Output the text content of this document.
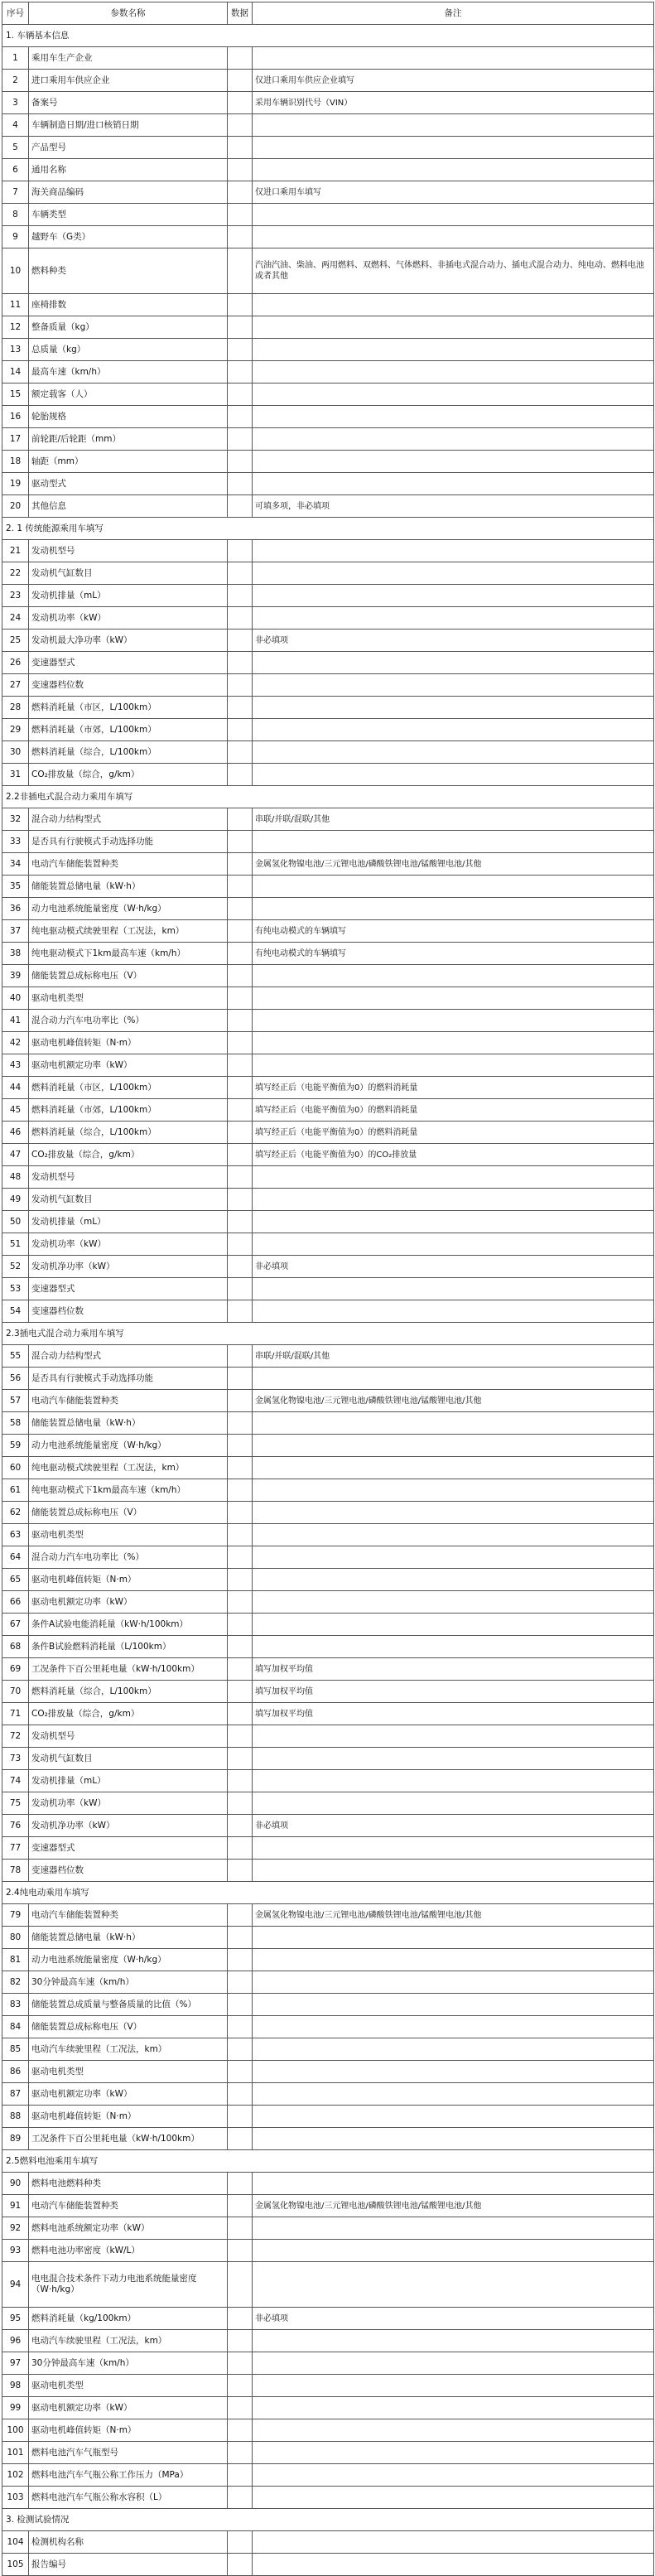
序号	参数名称	数据	备注
1. 车辆基本信息			
1	乘用车生产企业		
2	进口乘用车供应企业		仅进口乘用车供应企业填写
3	备案号		采用车辆识别代号（VIN）
4	车辆制造日期/进口核销日期		
5	产品型号		
6	通用名称		
7	海关商品编码		仅进口乘用车填写
8	车辆类型		
9	越野车（G类）		
10	燃料种类		汽油汽油、柴油、两用燃料、双燃料、气体燃料、非插电式混合动力、插电式混合动力、纯电动、燃料电池或者其他
11	座椅排数		
12	整备质量（kg）		
13	总质量（kg）		
14	最高车速（km/h）		
15	额定载客（人）		
16	轮胎规格		
17	前轮距/后轮距（mm）		
18	轴距（mm）		
19	驱动型式		
20	其他信息		可填多项，非必填项
2. 1 传统能源乘用车填写			
21	发动机型号		
22	发动机气缸数目		
23	发动机排量（mL）		
24	发动机功率（kW）		
25	发动机最大净功率（kW）		非必填项
26	变速器型式		
27	变速器档位数		
28	燃料消耗量（市区，L/100km）		
29	燃料消耗量（市郊，L/100km）		
30	燃料消耗量（综合，L/100km）		
31	CO₂排放量（综合，g/km）		
2.2非插电式混合动力乘用车填写			
32	混合动力结构型式		串联/并联/混联/其他
33	是否具有行驶模式手动选择功能		
34	电动汽车储能装置种类		金属氢化物镍电池/三元锂电池/磷酸铁锂电池/锰酸锂电池/其他
35	储能装置总储电量（kW·h）		
36	动力电池系统能量密度（W·h/kg）		
37	纯电驱动模式续驶里程（工况法，km）		有纯电动模式的车辆填写
38	纯电驱动模式下1km最高车速（km/h）		有纯电动模式的车辆填写
39	储能装置总成标称电压（V）		
40	驱动电机类型		
41	混合动力汽车电功率比（%）		
42	驱动电机峰值转矩（N·m）		
43	驱动电机额定功率（kW）		
44	燃料消耗量（市区，L/100km）		填写经正后（电能平衡值为0）的燃料消耗量
45	燃料消耗量（市郊，L/100km）		填写经正后（电能平衡值为0）的燃料消耗量
46	燃料消耗量（综合，L/100km）		填写经正后（电能平衡值为0）的燃料消耗量
47	CO₂排放量（综合，g/km）		填写经正后（电能平衡值为0）的CO₂排放量
48	发动机型号		
49	发动机气缸数目		
50	发动机排量（mL）		
51	发动机功率（kW）		
52	发动机净功率（kW）		非必填项
53	变速器型式		
54	变速器档位数		
2.3插电式混合动力乘用车填写			
55	混合动力结构型式		串联/并联/混联/其他
56	是否具有行驶模式手动选择功能		
57	电动汽车储能装置种类		金属氢化物镍电池/三元锂电池/磷酸铁锂电池/锰酸锂电池/其他
58	储能装置总储电量（kW·h）		
59	动力电池系统能量密度（W·h/kg）		
60	纯电驱动模式续驶里程（工况法，km）		
61	纯电驱动模式下1km最高车速（km/h）		
62	储能装置总成标称电压（V）		
63	驱动电机类型		
64	混合动力汽车电功率比（%）		
65	驱动电机峰值转矩（N·m）		
66	驱动电机额定功率（kW）		
67	条件A试验电能消耗量（kW·h/100km）		
68	条件B试验燃料消耗量（L/100km）		
69	工况条件下百公里耗电量（kW·h/100km）		填写加权平均值
70	燃料消耗量（综合，L/100km）		填写加权平均值
71	CO₂排放量（综合，g/km）		填写加权平均值
72	发动机型号		
73	发动机气缸数目		
74	发动机排量（mL）		
75	发动机功率（kW）		
76	发动机净功率（kW）		非必填项
77	变速器型式		
78	变速器档位数		
2.4纯电动乘用车填写			
79	电动汽车储能装置种类		金属氢化物镍电池/三元锂电池/磷酸铁锂电池/锰酸锂电池/其他
80	储能装置总储电量（kW·h）		
81	动力电池系统能量密度（W·h/kg）		
82	30分钟最高车速（km/h）		
83	储能装置总成质量与整备质量的比值（%）		
84	储能装置总成标称电压（V）		
85	电动汽车续驶里程（工况法，km）		
86	驱动电机类型		
87	驱动电机额定功率（kW）		
88	驱动电机峰值转矩（N·m）		
89	工况条件下百公里耗电量（kW·h/100km）		
2.5燃料电池乘用车填写			
90	燃料电池燃料种类		
91	电动汽车储能装置种类		金属氢化物镍电池/三元锂电池/磷酸铁锂电池/锰酸锂电池/其他
92	燃料电池系统额定功率（kW）		
93	燃料电池功率密度（kW/L）		
94	电电混合技术条件下动力电池系统能量密度（W·h/kg）		
95	燃料消耗量（kg/100km）		非必填项
96	电动汽车续驶里程（工况法，km）		
97	30分钟最高车速（km/h）		
98	驱动电机类型		
99	驱动电机额定功率（kW）		
100	驱动电机峰值转矩（N·m）		
101	燃料电池汽车气瓶型号		
102	燃料电池汽车气瓶公称工作压力（MPa）		
103	燃料电池汽车气瓶公称水容积（L）		
3. 检测试验情况			
104	检测机构名称		
105	报告编号		
